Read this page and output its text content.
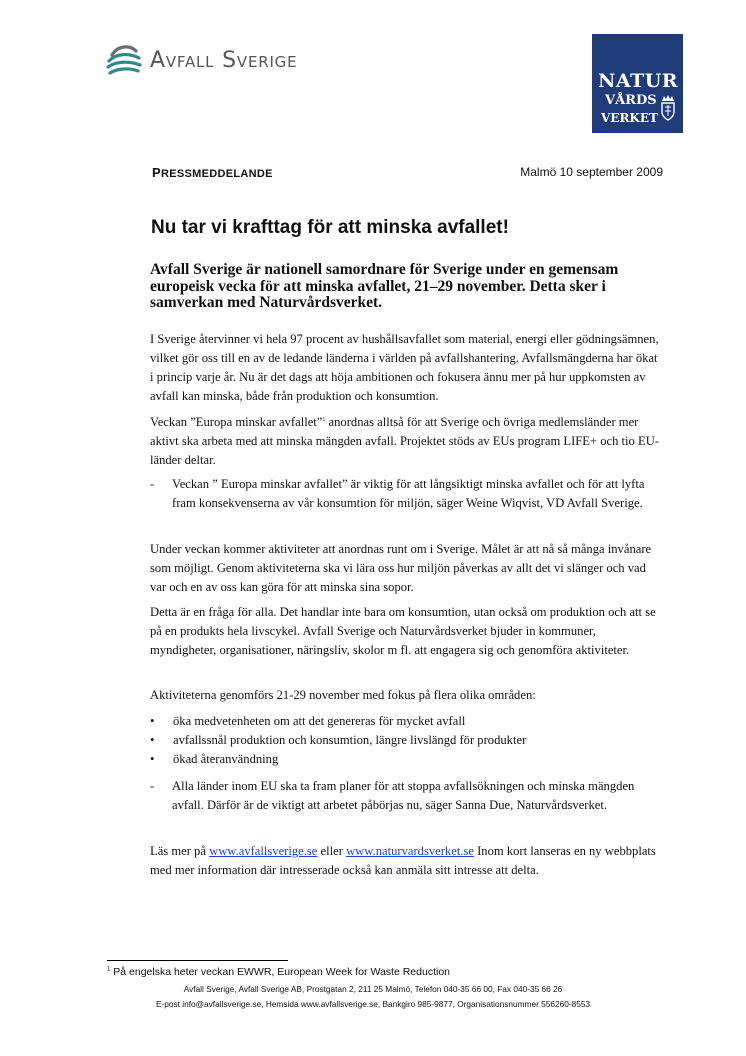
Avfall Sverige
NATUR
VÅRDS
VERKET
PRESSMEDDELANDE	Malmö 10 september 2009
Nu tar vi krafttag för att minska avfallet!
Avfall Sverige är nationell samordnare för Sverige under en gemensam europeisk vecka för att minska avfallet, 21–29 november. Detta sker i samverkan med Naturvårdsverket.
I Sverige återvinner vi hela 97 procent av hushållsavfallet som material, energi eller gödningsämnen, vilket gör oss till en av de ledande länderna i världen på avfallshantering. Avfallsmängderna har ökat i princip varje år. Nu är det dags att höja ambitionen och fokusera ännu mer på hur uppkomsten av avfall kan minska, både från produktion och konsumtion.
Veckan ”Europa minskar avfallet”$^1$ anordnas alltså för att Sverige och övriga medlemsländer mer aktivt ska arbeta med att minska mängden avfall. Projektet stöds av EUs program LIFE+ och tio EU-länder deltar.
-	Veckan ” Europa minskar avfallet” är viktig för att långsiktigt minska avfallet och för att lyfta fram konsekvenserna av vår konsumtion för miljön, säger Weine Wiqvist, VD Avfall Sverige.
Under veckan kommer aktiviteter att anordnas runt om i Sverige. Målet är att nå så många invånare som möjligt. Genom aktiviteterna ska vi lära oss hur miljön påverkas av allt det vi slänger och vad var och en av oss kan göra för att minska sina sopor.
Detta är en fråga för alla. Det handlar inte bara om konsumtion, utan också om produktion och att se på en produkts hela livscykel. Avfall Sverige och Naturvårdsverket bjuder in kommuner, myndigheter, organisationer, näringsliv, skolor m fl. att engagera sig och genomföra aktiviteter.
Aktiviteterna genomförs 21-29 november med fokus på flera olika områden:
•	öka medvetenheten om att det genereras för mycket avfall
•	avfallssnål produktion och konsumtion, längre livslängd för produkter
•	ökad återanvändning
-	Alla länder inom EU ska ta fram planer för att stoppa avfallsökningen och minska mängden avfall. Därför är de viktigt att arbetet påbörjas nu, säger Sanna Due, Naturvårdsverket.
Läs mer på www.avfallsverige.se eller www.naturvardsverket.se Inom kort lanseras en ny webbplats med mer information där intresserade också kan anmäla sitt intresse att delta.
$^1$ På engelska heter veckan EWWR, European Week for Waste Reduction
Avfall Sverige, Avfall Sverige AB, Prostgatan 2, 211 25 Malmö, Telefon 040-35 66 00, Fax 040-35 66 26
E-post info@avfallsverige.se, Hemsida www.avfallsverige.se, Bankgiro 985-9877, Organisationsnummer 556260-8553
